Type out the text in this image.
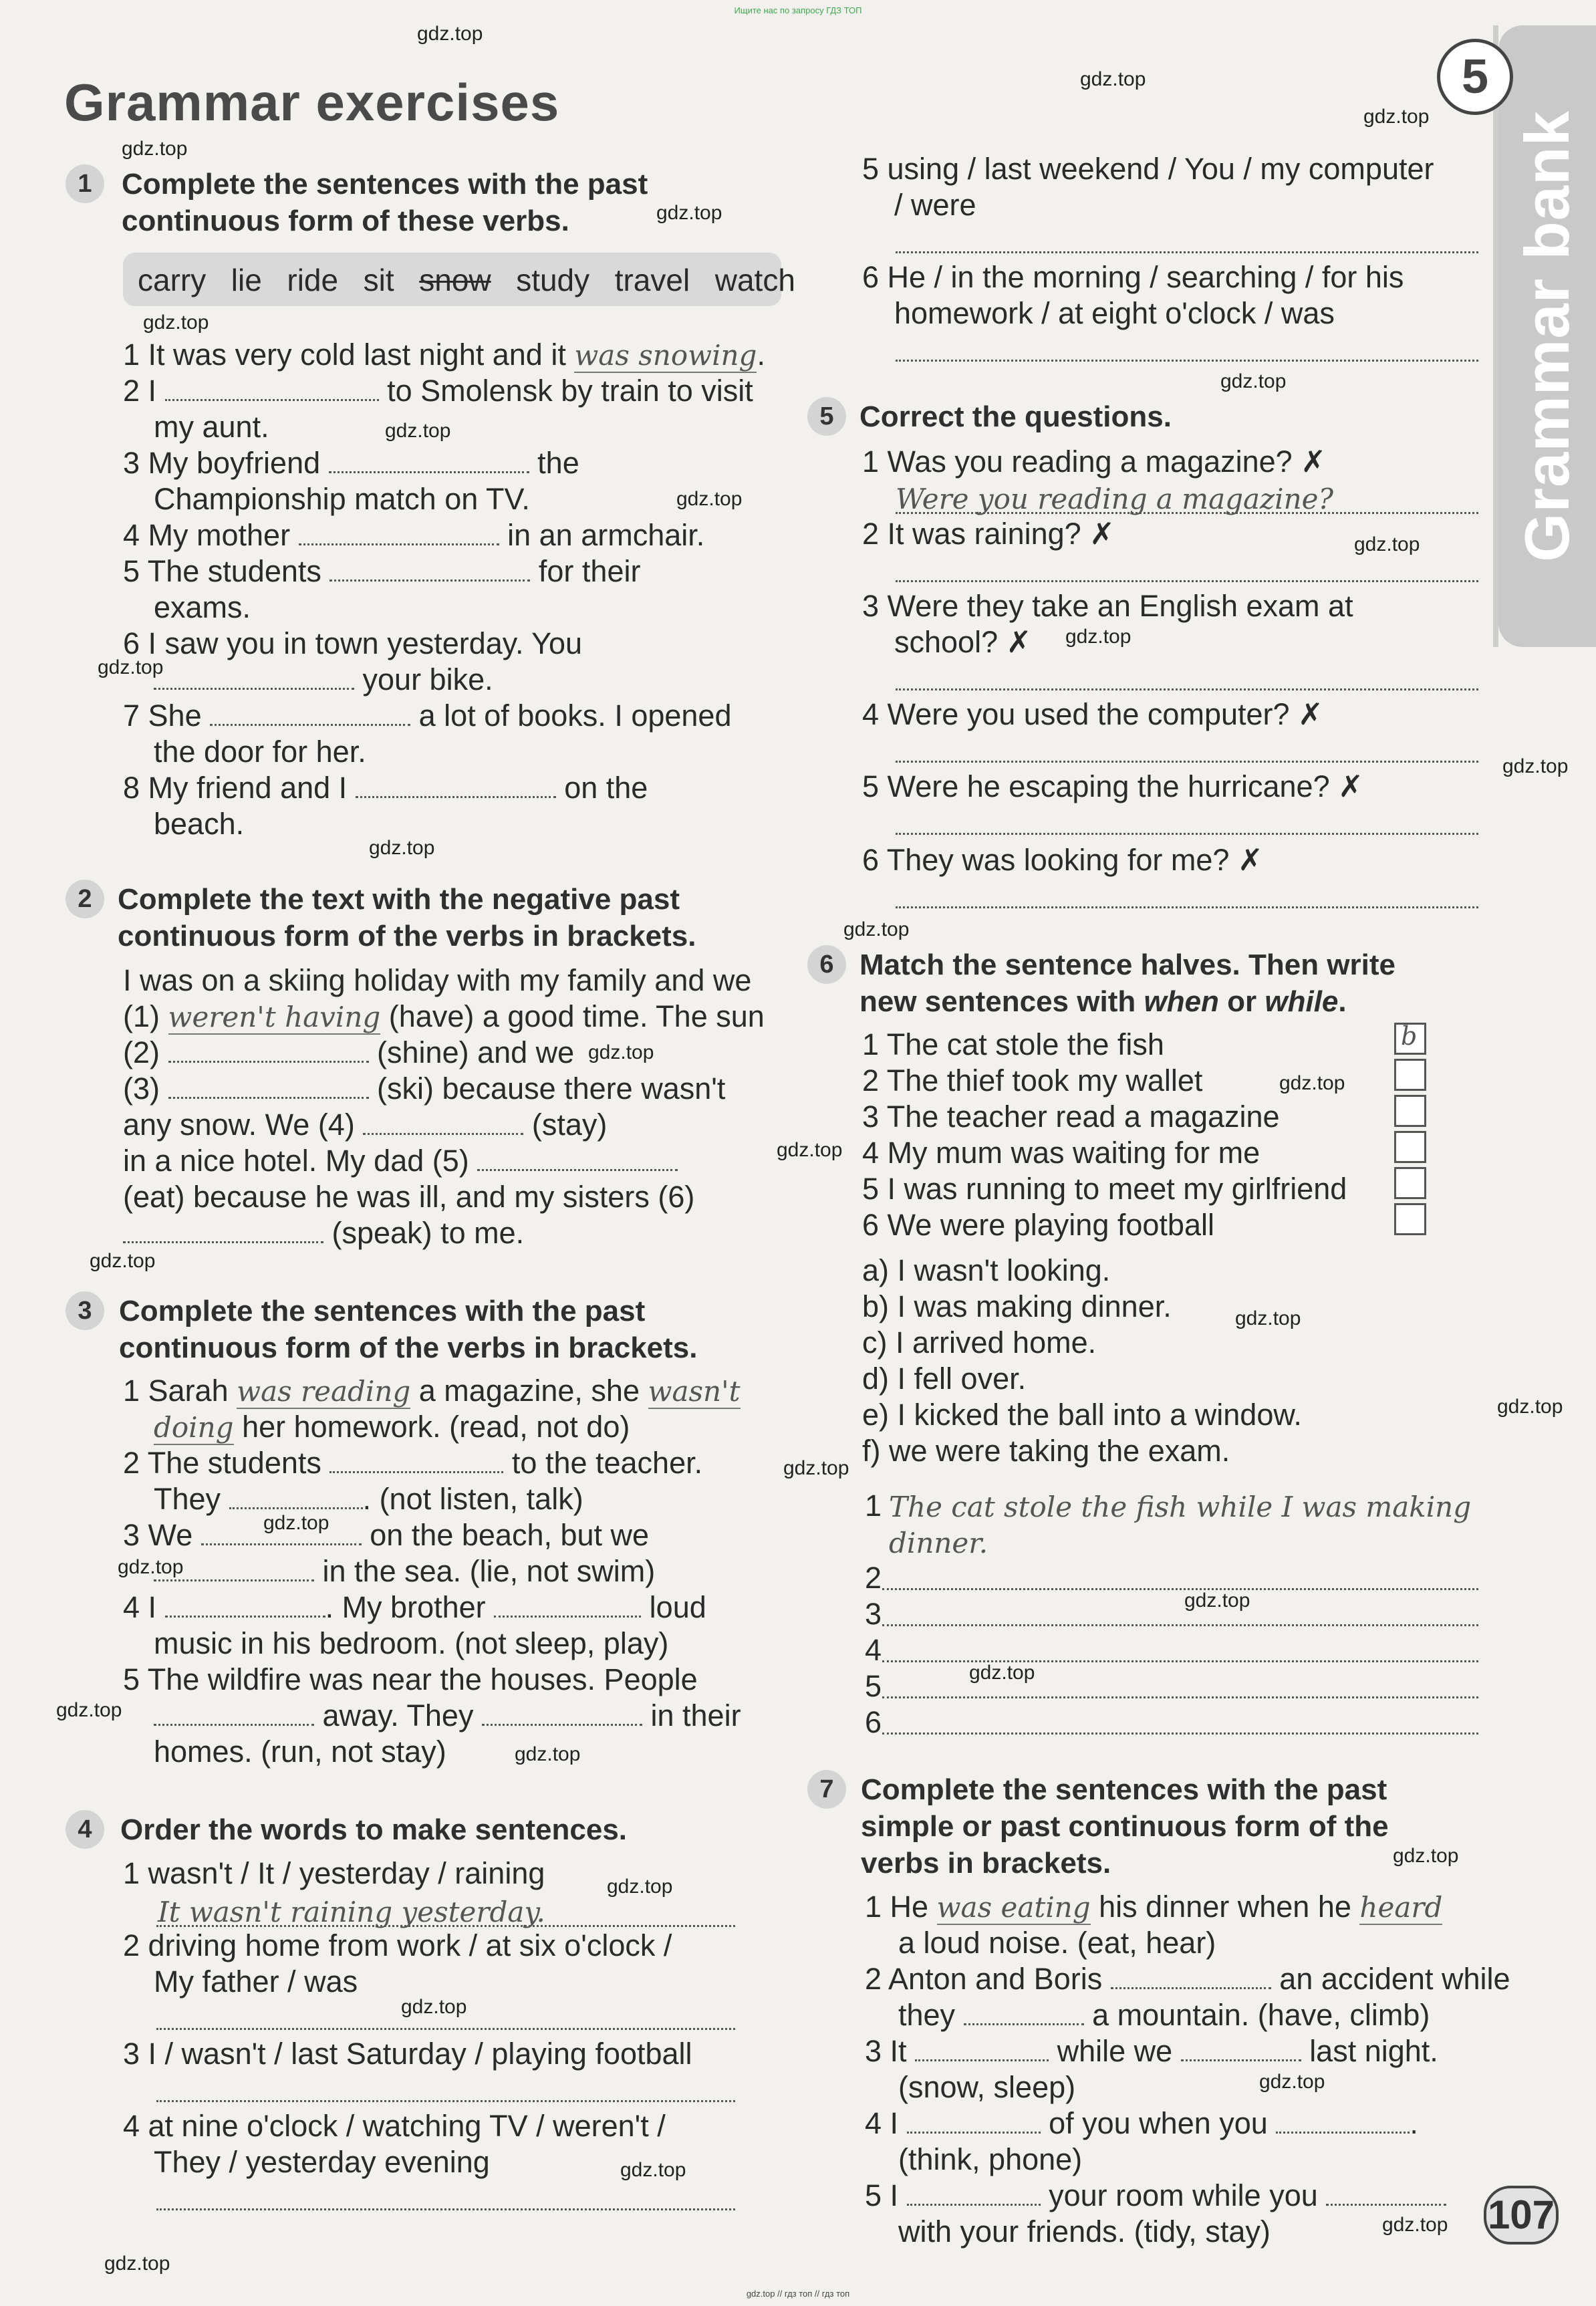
Ищите нас по запросу ГДЗ ТОП
gdz.top // гдз топ // гдз топ
Grammar exercises
Grammar bank
5
gdz.top
gdz.top
gdz.top
gdz.top
gdz.top
gdz.top
gdz.top
gdz.top
gdz.top
gdz.top
gdz.top
gdz.top
gdz.top
gdz.top
gdz.top
gdz.top
gdz.top
gdz.top
gdz.top
gdz.top
gdz.top
gdz.top
gdz.top
gdz.top
gdz.top
gdz.top
gdz.top
gdz.top
gdz.top
gdz.top
gdz.top
gdz.top
gdz.top
gdz.top
gdz.top
1	Complete the sentences with the past
continuous form of these verbs.
carry lie ride sit snow study travel watch
1 It was very cold last night and it was snowing.
2 I	to Smolensk by train to visit
my aunt.
3 My boyfriend	the
Championship match on TV.
4 My mother	in an armchair.
5 The students	for their
exams.
6 I saw you in town yesterday. You
your bike.
7 She	a lot of books. I opened
the door for her.
8 My friend and I	on the
beach.
2 Complete the text with the negative past
continuous form of the verbs in brackets.
I was on a skiing holiday with my family and we
(1) weren't having (have) a good time. The sun
(2)	(shine) and we
(3)	(ski) because there wasn't
any snow. We (4)	(stay)
in a nice hotel. My dad (5)
(eat) because he was ill, and my sisters (6)
(speak) to me.
3 Complete the sentences with the past
continuous form of the verbs in brackets.
1 Sarah was reading a magazine, she wasn't
doing her homework. (read, not do)
2 The students	to the teacher.
They	. (not listen, talk)
3 We	on the beach, but we
in the sea. (lie, not swim)
4 I	. My brother	loud
music in his bedroom. (not sleep, play)
5 The wildfire was near the houses. People
away. They	in their
homes. (run, not stay)
4 Order the words to make sentences.
1 wasn't / It / yesterday / raining
It wasn't raining yesterday.
2 driving home from work / at six o'clock /
My father / was
3 I / wasn't / last Saturday / playing football
4 at nine o'clock / watching TV / weren't /
They / yesterday evening
5 using / last weekend / You / my computer
/ were
6 He / in the morning / searching / for his
homework / at eight o'clock / was
5 Correct the questions.
1 Was you reading a magazine? ✗
Were you reading a magazine?
2 It was raining? ✗
3 Were they take an English exam at
school? ✗
4 Were you used the computer? ✗
5 Were he escaping the hurricane? ✗
6 They was looking for me? ✗
6 Match the sentence halves. Then write
new sentences with when or while.
1 The cat stole the fish
2 The thief took my wallet
3 The teacher read a magazine
4 My mum was waiting for me
5 I was running to meet my girlfriend
6 We were playing football
b
a) I wasn't looking.
b) I was making dinner.
c) I arrived home.
d) I fell over.
e) I kicked the ball into a window.
f) we were taking the exam.
1 The cat stole the fish while I was making
dinner.
2
3
4
5
6
7 Complete the sentences with the past
simple or past continuous form of the
verbs in brackets.
1 He was eating his dinner when he heard
a loud noise. (eat, hear)
2 Anton and Boris	an accident while
they	a mountain. (have, climb)
3 It	while we	last night.
(snow, sleep)
4 I	of you when you	.
(think, phone)
5 I	your room while you
with your friends. (tidy, stay)	107
